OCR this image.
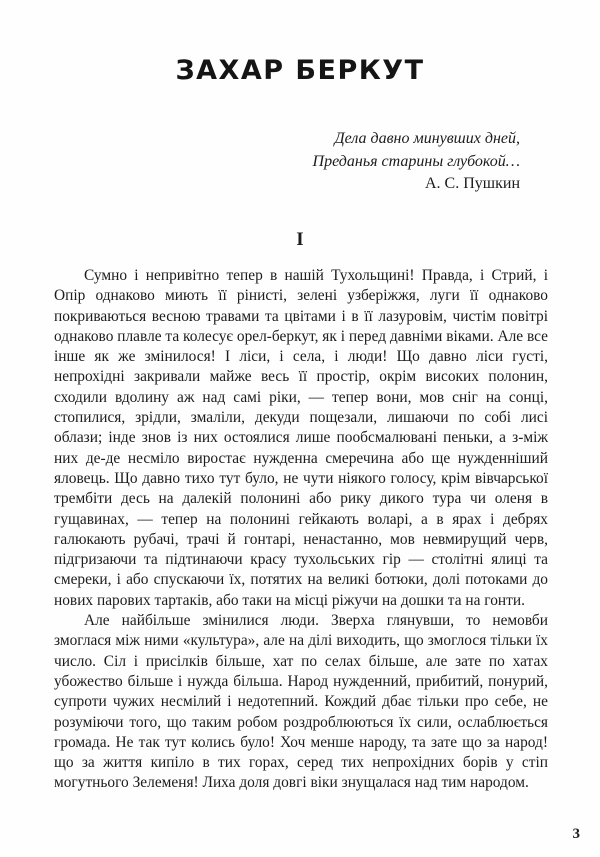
ЗАХАР БЕРКУТ
Дела давно минувших дней,
Преданья старины глубокой…
А. С. Пушкин
I

Сумно і непривітно тепер в нашій Тухольщині! Правда, і Стрий, і Опір однаково миють її рінисті, зелені узберіжжя, луги її однаково покриваються весною травами та цвітами і в її лазуровім, чистім повітрі однаково плавле та колесує орел-беркут, як і перед давніми віками. Але все інше як же змінилося! І ліси, і села, і люди! Що давно ліси густі, непрохідні закривали майже весь її простір, окрім високих полонин, сходили вдолину аж над самі ріки, — тепер вони, мов сніг на сонці, стопилися, зрідли, змаліли, декуди пощезали, лишаючи по собі лисі облази; інде знов із них остоялися лише пообсмалювані пеньки, а з-між них де-де несміло виростає нужденна смеречина або ще нужденніший яловець. Що давно тихо тут було, не чути ніякого голосу, крім вівчарської трембіти десь на далекій полонині або рику дикого тура чи оленя в гущавинах, — тепер на полонині гейкають воларі, а в ярах і дебрях галюкають рубачі, трачі й гонтарі, ненастанно, мов невмирущий черв, підгризаючи та підтинаючи красу тухольських гір — столітні ялиці та смереки, і або спускаючи їх, потятих на великі ботюки, долі потоками до нових парових тартаків, або таки на місці ріжучи на дошки та на гонти.

Але найбільше змінилися люди. Зверха глянувши, то немовби змоглася між ними «культура», але на ділі виходить, що змоглося тільки їх число. Сіл і присілків більше, хат по селах більше, але зате по хатах убожество більше і нужда більша. Народ нужденний, прибитий, понурий, супроти чужих несмілий і недотепний. Кождий дбає тільки про себе, не розуміючи того, що таким робом роздроблюються їх сили, ослаблюється громада. Не так тут колись було! Хоч менше народу, та зате що за народ! що за життя кипіло в тих горах, серед тих непрохідних борів у стіп могутнього Зелеменя! Лиха доля довгі віки знущалася над тим народом.

3
